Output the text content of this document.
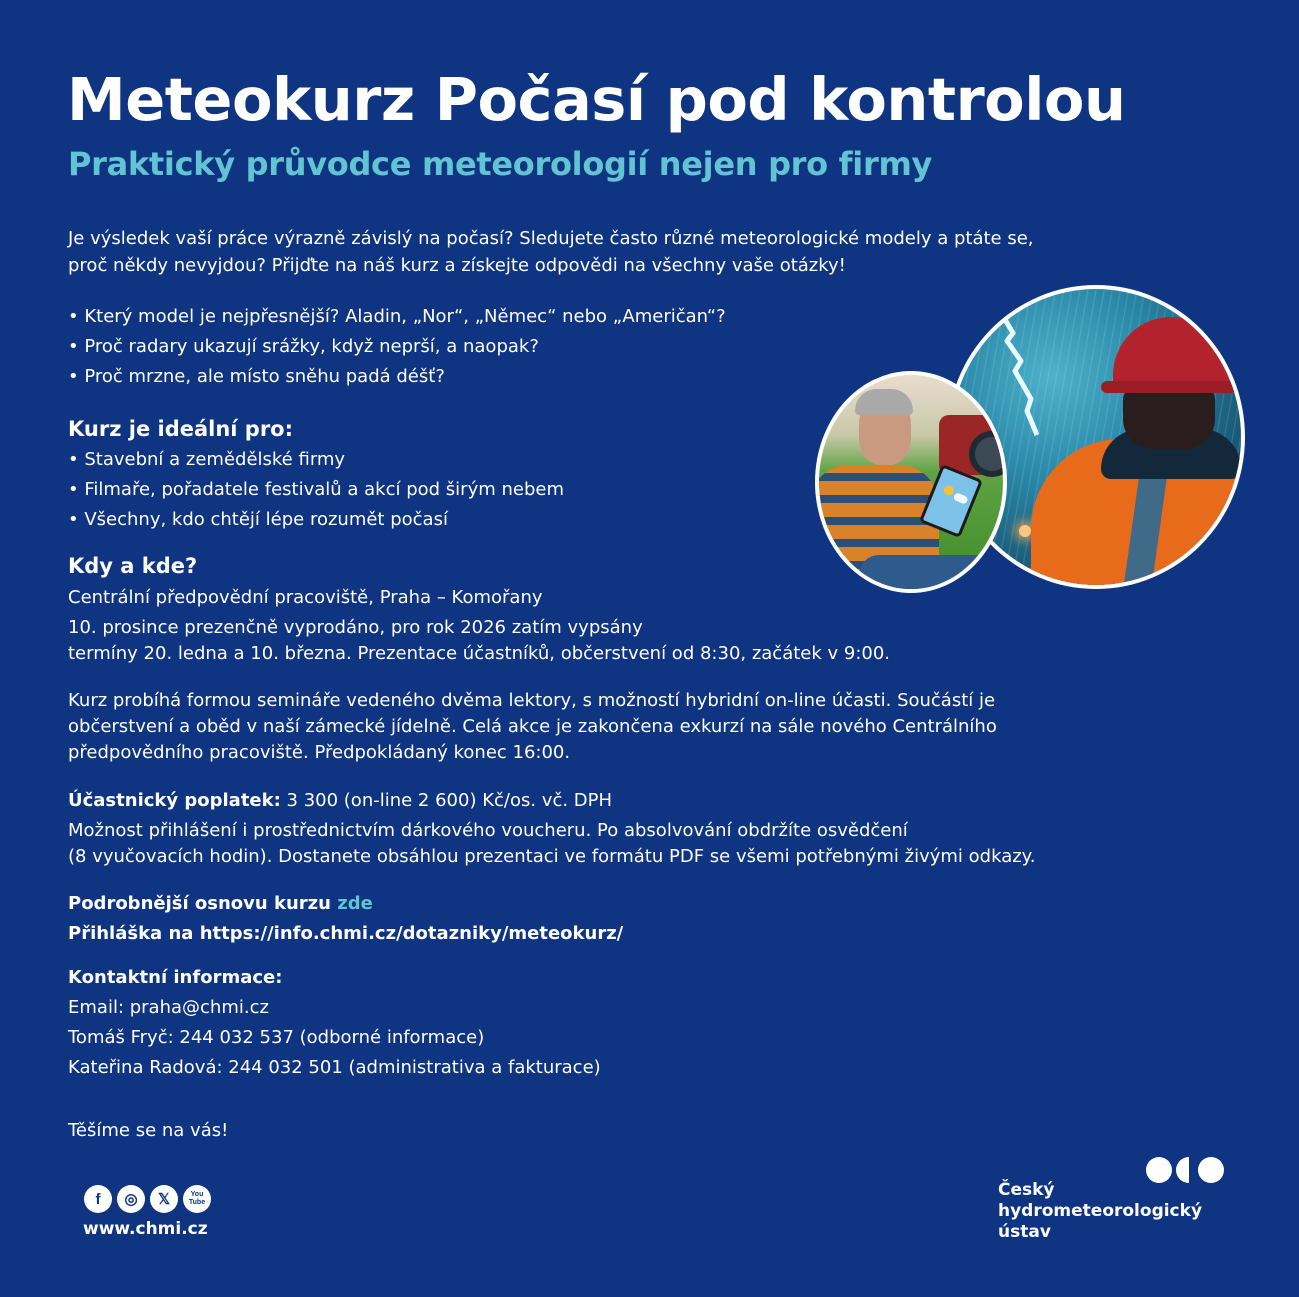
Meteokurz Počasí pod kontrolou
Praktický průvodce meteorologií nejen pro firmy
Je výsledek vaší práce výrazně závislý na počasí? Sledujete často různé meteorologické modely a ptáte se,
proč někdy nevyjdou? Přijďte na náš kurz a získejte odpovědi na všechny vaše otázky!
• Který model je nejpřesnější? Aladin, „Nor“, „Němec“ nebo „Američan“?
• Proč radary ukazují srážky, když neprší, a naopak?
• Proč mrzne, ale místo sněhu padá déšť?
Kurz je ideální pro:
• Stavební a zemědělské firmy
• Filmaře, pořadatele festivalů a akcí pod širým nebem
• Všechny, kdo chtějí lépe rozumět počasí
Kdy a kde?
Centrální předpovědní pracoviště, Praha – Komořany
10. prosince prezenčně vyprodáno, pro rok 2026 zatím vypsány
termíny 20. ledna a 10. března. Prezentace účastníků, občerstvení od 8:30, začátek v 9:00.
Kurz probíhá formou semináře vedeného dvěma lektory, s možností hybridní on-line účasti. Součástí je
občerstvení a oběd v naší zámecké jídelně. Celá akce je zakončena exkurzí na sále nového Centrálního
předpovědního pracoviště. Předpokládaný konec 16:00.
Účastnický poplatek: 3 300 (on-line 2 600) Kč/os. vč. DPH
Možnost přihlášení i prostřednictvím dárkového voucheru. Po absolvování obdržíte osvědčení
(8 vyučovacích hodin). Dostanete obsáhlou prezentaci ve formátu PDF se všemi potřebnými živými odkazy.
Podrobnější osnovu kurzu zde
Přihláška na https://info.chmi.cz/dotazniky/meteokurz/
Kontaktní informace:
Email: praha@chmi.cz
Tomáš Fryč: 244 032 537 (odborné informace)
Kateřina Radová: 244 032 501 (administrativa a fakturace)
Těšíme se na vás!
f	◎	𝕏	You
Tube
www.chmi.cz
Český
hydrometeorologický
ústav
